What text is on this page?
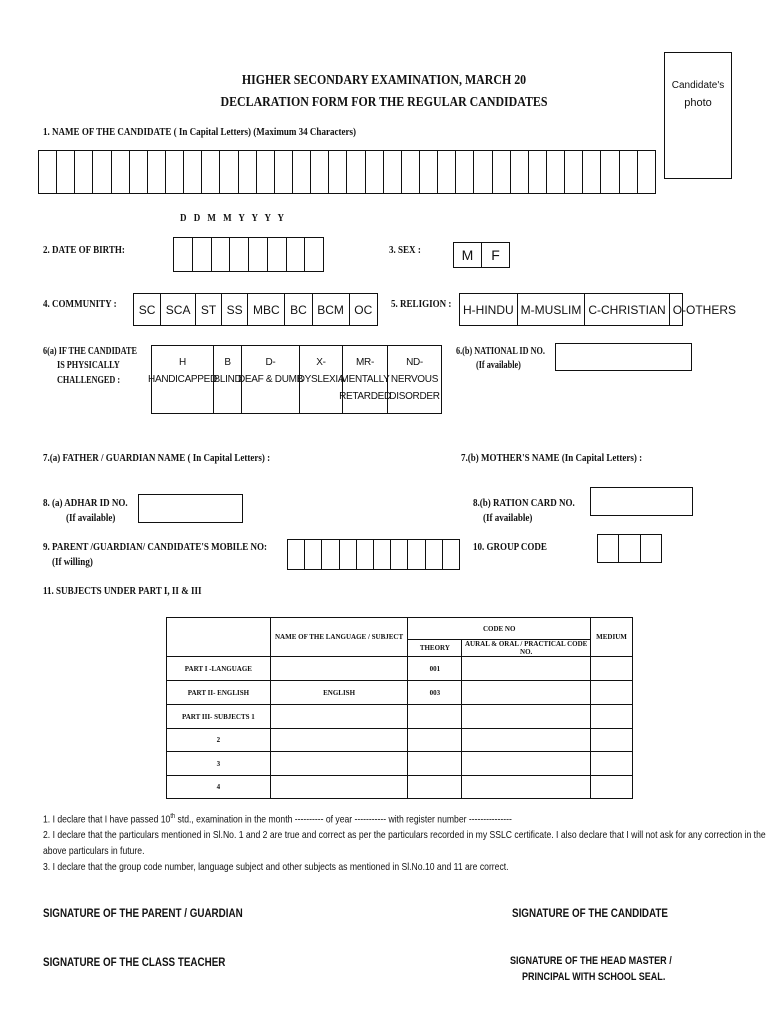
HIGHER SECONDARY EXAMINATION, MARCH 20
DECLARATION FORM FOR THE REGULAR CANDIDATES
Candidate's
photo
1. NAME OF THE CANDIDATE ( In Capital Letters) (Maximum 34 Characters)
D D M M Y Y Y Y
2. DATE OF BIRTH:	3. SEX :	M	F
4. COMMUNITY :	SC SCA ST SS MBC BC BCM OC	5. RELIGION : H-HINDU M-MUSLIM C-CHRISTIAN O-OTHERS
6(a) IF THE CANDIDATE
IS PHYSICALLY
CHALLENGED :
H
HANDICAPPED
B
BLIND
D-
DEAF & DUMB
X-
DYSLEXIA
MR-
MENTALLY
RETARDED
ND-
NERVOUS
DISORDER
6.(b) NATIONAL ID NO.
(If available)
7.(a) FATHER / GUARDIAN NAME ( In Capital Letters) :	7.(b) MOTHER'S NAME (In Capital Letters) :
8. (a) ADHAR ID NO.
(If available)
8.(b) RATION CARD NO.
(If available)
9. PARENT /GUARDIAN/ CANDIDATE'S MOBILE NO:
(If willing)
10. GROUP CODE
11. SUBJECTS UNDER PART I, II & III
	NAME OF THE LANGUAGE / SUBJECT	CODE NO		MEDIUM
		THEORY	AURAL & ORAL / PRACTICAL CODE NO.	
PART I -LANGUAGE		001		
PART II- ENGLISH	ENGLISH	003		
PART III- SUBJECTS 1				
2				
3				
4				
1. I declare that I have passed 10th std., examination in the month ---------- of year ----------- with register number ---------------
2. I declare that the particulars mentioned in Sl.No. 1 and 2 are true and correct as per the particulars recorded in my SSLC certificate. I also declare that I will not ask for any correction in the
above particulars in future.
3. I declare that the group code number, language subject and other subjects as mentioned in Sl.No.10 and 11 are correct.
SIGNATURE OF THE PARENT / GUARDIAN	SIGNATURE OF THE CANDIDATE
SIGNATURE OF THE CLASS TEACHER	SIGNATURE OF THE HEAD MASTER /
PRINCIPAL WITH SCHOOL SEAL.
